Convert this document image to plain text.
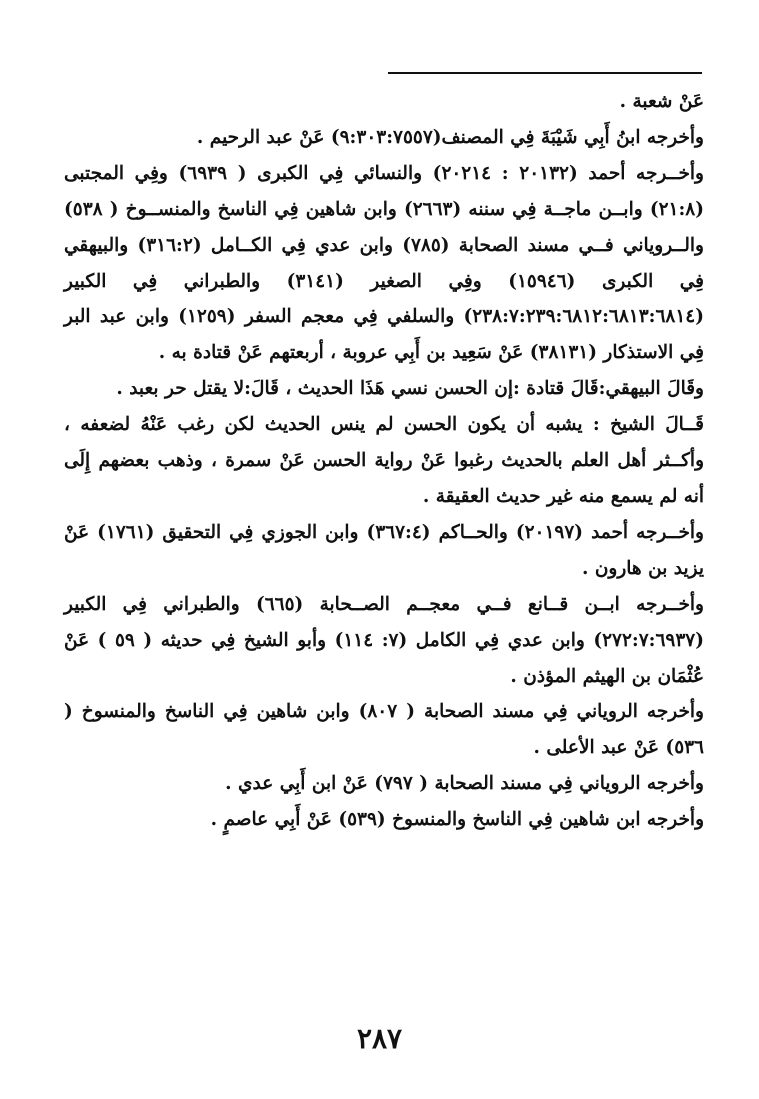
عَنْ شعبة .

وأخرجه ابنُ أَبِي شَيْبَةَ فِي المصنف(٩:٣٠٣:٧٥٥٧) عَنْ عبد الرحيم .

وأخــرجه أحمد (٢٠١٣٢ : ٢٠٢١٤) والنسائي فِي الكبرى ( ٦٩٣٩) وفِي المجتبى (٢١:٨) وابــن ماجــة فِي سننه (٢٦٦٣) وابن شاهين فِي الناسخ والمنســوخ ( ٥٣٨) والــروياني فــي مسند الصحابة (٧٨٥) وابن عدي فِي الكــامل (٣١٦:٢) والبيهقي فِي الكبرى (١٥٩٤٦) وفِي الصغير (٣١٤١) والطبراني فِي الكبير (٢٣٨:٧:٢٣٩:٦٨١٢:٦٨١٣:٦٨١٤) والسلفي فِي معجم السفر (١٢٥٩) وابن عبد البر فِي الاستذكار (٣٨١٣١) عَنْ سَعِيد بن أَبِي عروبة ، أربعتهم عَنْ قتادة به .

وقَالَ البيهقي:قَالَ قتادة :إن الحسن نسي هَذَا الحديث ، قَالَ:لا يقتل حر بعبد .

قَــالَ الشيخ : يشبه أن يكون الحسن لم ينس الحديث لكن رغب عَنْهُ لضعفه ، وأكــثر أهل العلم بالحديث رغبوا عَنْ رواية الحسن عَنْ سمرة ، وذهب بعضهم إِلَى أنه لم يسمع منه غير حديث العقيقة .

وأخــرجه أحمد (٢٠١٩٧) والحــاكم (٣٦٧:٤) وابن الجوزي فِي التحقيق (١٧٦١) عَنْ يزيد بن هارون .

وأخــرجه ابــن قــانع فــي معجــم الصــحابة (٦٦٥) والطبراني فِي الكبير (٢٧٢:٧:٦٩٣٧) وابن عدي فِي الكامل (٧: ١١٤) وأبو الشيخ فِي حديثه ( ٥٩ ) عَنْ عُثْمَان بن الهيثم المؤذن .

وأخرجه الروياني فِي مسند الصحابة ( ٨٠٧) وابن شاهين فِي الناسخ والمنسوخ ( ٥٣٦) عَنْ عبد الأعلى .

وأخرجه الروياني فِي مسند الصحابة ( ٧٩٧) عَنْ ابن أَبِي عدي .

وأخرجه ابن شاهين فِي الناسخ والمنسوخ (٥٣٩) عَنْ أَبِي عاصمٍ .

٢٨٧
